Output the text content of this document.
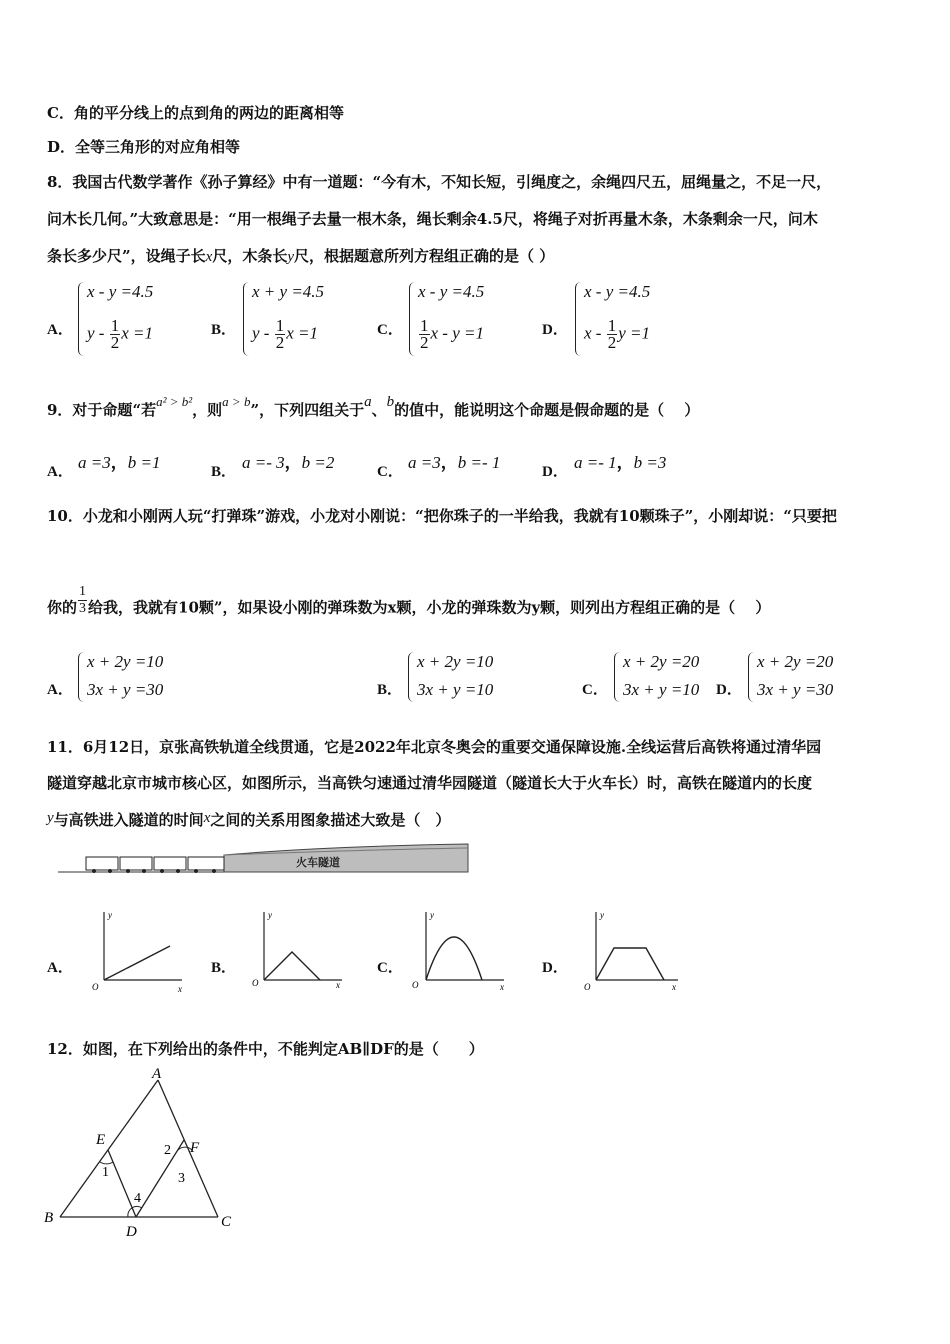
C．角的平分线上的点到角的两边的距离相等
D．全等三角形的对应角相等
8．我国古代数学著作《孙子算经》中有一道题：“今有木，不知长短，引绳度之，余绳四尺五，屈绳量之，不足一尺，
问木长几何。”大致意思是：“用一根绳子去量一根木条，绳长剩余4.5尺，将绳子对折再量木条，木条剩余一尺，问木
条长多少尺”，设绳子长x尺，木条长y尺，根据题意所列方程组正确的是（ ）
A．
x - y =4.5
y - $\frac{1}{2}$ x =1	B．
x + y =4.5
y - $\frac{1}{2}$ x =1	C．
x - y =4.5
$\frac{1}{2}$ x - y =1	D．
x - y =4.5
x - $\frac{1}{2}$ y =1
9．对于命题“若a² > b²，则a > b”，下列四组关于a、b的值中，能说明这个命题是假命题的是（　 ）
A． a =3，b =1	B． a =- 3，b =2	C． a =3，b =- 1	D． a =- 1，b =3
10．小龙和小刚两人玩“打弹珠”游戏，小龙对小刚说：“把你珠子的一半给我，我就有10颗珠子”，小刚却说：“只要把
你的 $\frac{1}{3}$ 给我，我就有10颗”，如果设小刚的弹珠数为x颗，小龙的弹珠数为y颗，则列出方程组正确的是（　 ）
A．
x + 2y =10
3x + y =30	B．
x + 2y =10
3x + y =10	C．
x + 2y =20
3x + y =10 D．
x + 2y =20
3x + y =30
11．6月12日，京张高铁轨道全线贯通，它是2022年北京冬奥会的重要交通保障设施.全线运营后高铁将通过清华园
隧道穿越北京市城市核心区，如图所示，当高铁匀速通过清华园隧道（隧道长大于火车长）时，高铁在隧道内的长度
y与高铁进入隧道的时间x之间的关系用图象描述大致是（　）
火车隧道
A．
y
x
O
B．
y
x
O
C．
y
x
O
D．
y
x
O
12．如图，在下列给出的条件中，不能判定AB∥DF的是（　　）
A
E	F
B
D
C
1
2
3
4
